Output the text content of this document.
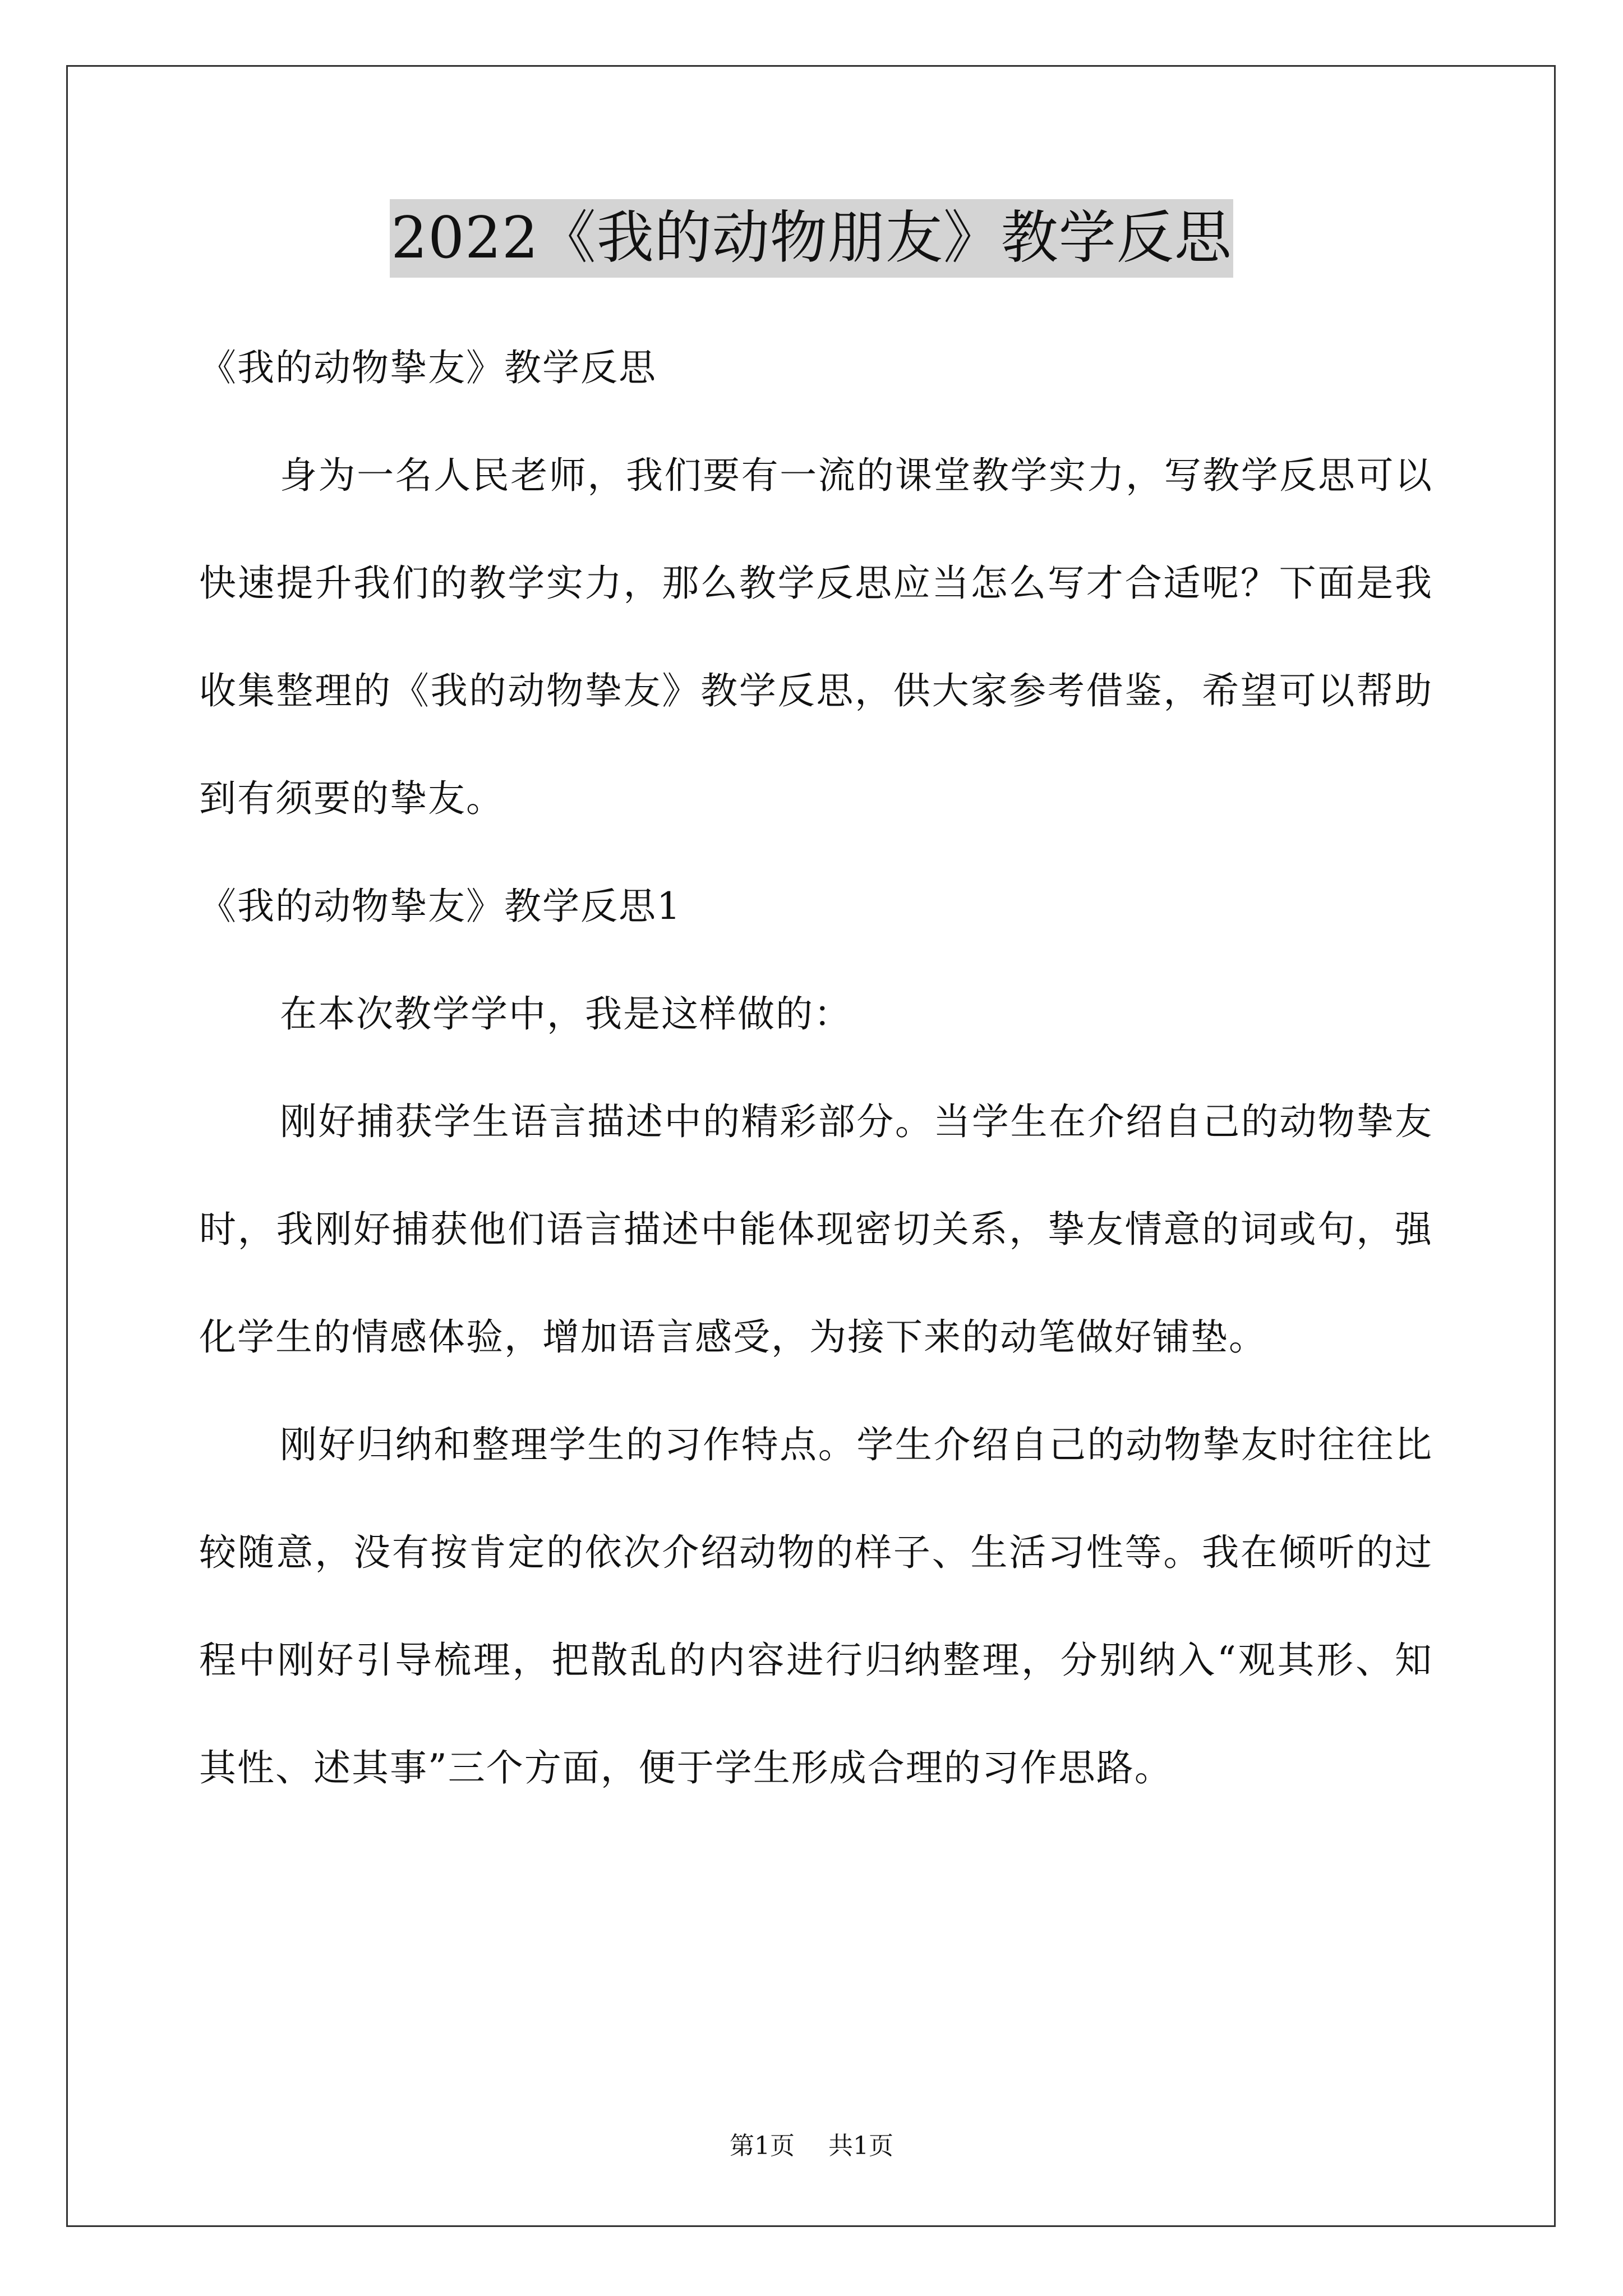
2022《我的动物朋友》教学反思
《我的动物挚友》教学反思

身为一名人民老师，我们要有一流的课堂教学实力，写教学反思可以快速提升我们的教学实力，那么教学反思应当怎么写才合适呢？下面是我收集整理的《我的动物挚友》教学反思，供大家参考借鉴，希望可以帮助到有须要的挚友。

《我的动物挚友》教学反思1

在本次教学学中，我是这样做的：

刚好捕获学生语言描述中的精彩部分。当学生在介绍自己的动物挚友时，我刚好捕获他们语言描述中能体现密切关系，挚友情意的词或句，强化学生的情感体验，增加语言感受，为接下来的动笔做好铺垫。

刚好归纳和整理学生的习作特点。学生介绍自己的动物挚友时往往比较随意，没有按肯定的依次介绍动物的样子、生活习性等。我在倾听的过程中刚好引导梳理，把散乱的内容进行归纳整理，分别纳入“观其形、知其性、述其事”三个方面，便于学生形成合理的习作思路。

第1页 共1页
